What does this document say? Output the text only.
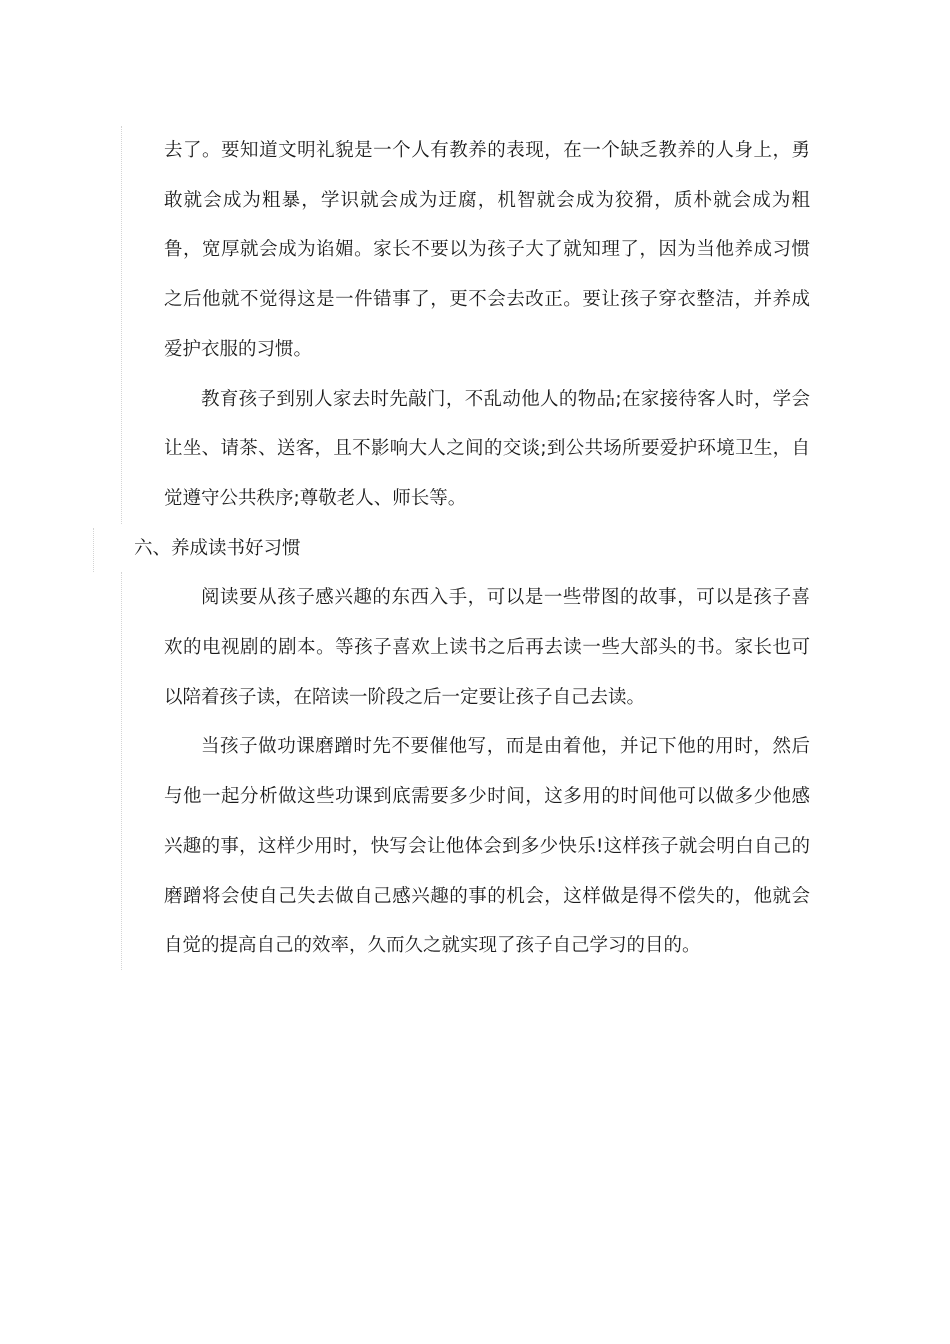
去了。要知道文明礼貌是一个人有教养的表现，在一个缺乏教养的人身上，勇敢就会成为粗暴，学识就会成为迂腐，机智就会成为狡猾，质朴就会成为粗鲁，宽厚就会成为谄媚。家长不要以为孩子大了就知理了，因为当他养成习惯之后他就不觉得这是一件错事了，更不会去改正。要让孩子穿衣整洁，并养成爱护衣服的习惯。

教育孩子到别人家去时先敲门，不乱动他人的物品;在家接待客人时，学会让坐、请茶、送客，且不影响大人之间的交谈;到公共场所要爱护环境卫生，自觉遵守公共秩序;尊敬老人、师长等。

六、养成读书好习惯

阅读要从孩子感兴趣的东西入手，可以是一些带图的故事，可以是孩子喜欢的电视剧的剧本。等孩子喜欢上读书之后再去读一些大部头的书。家长也可以陪着孩子读，在陪读一阶段之后一定要让孩子自己去读。

当孩子做功课磨蹭时先不要催他写，而是由着他，并记下他的用时，然后与他一起分析做这些功课到底需要多少时间，这多用的时间他可以做多少他感兴趣的事，这样少用时，快写会让他体会到多少快乐!这样孩子就会明白自己的磨蹭将会使自己失去做自己感兴趣的事的机会，这样做是得不偿失的，他就会自觉的提高自己的效率，久而久之就实现了孩子自己学习的目的。
